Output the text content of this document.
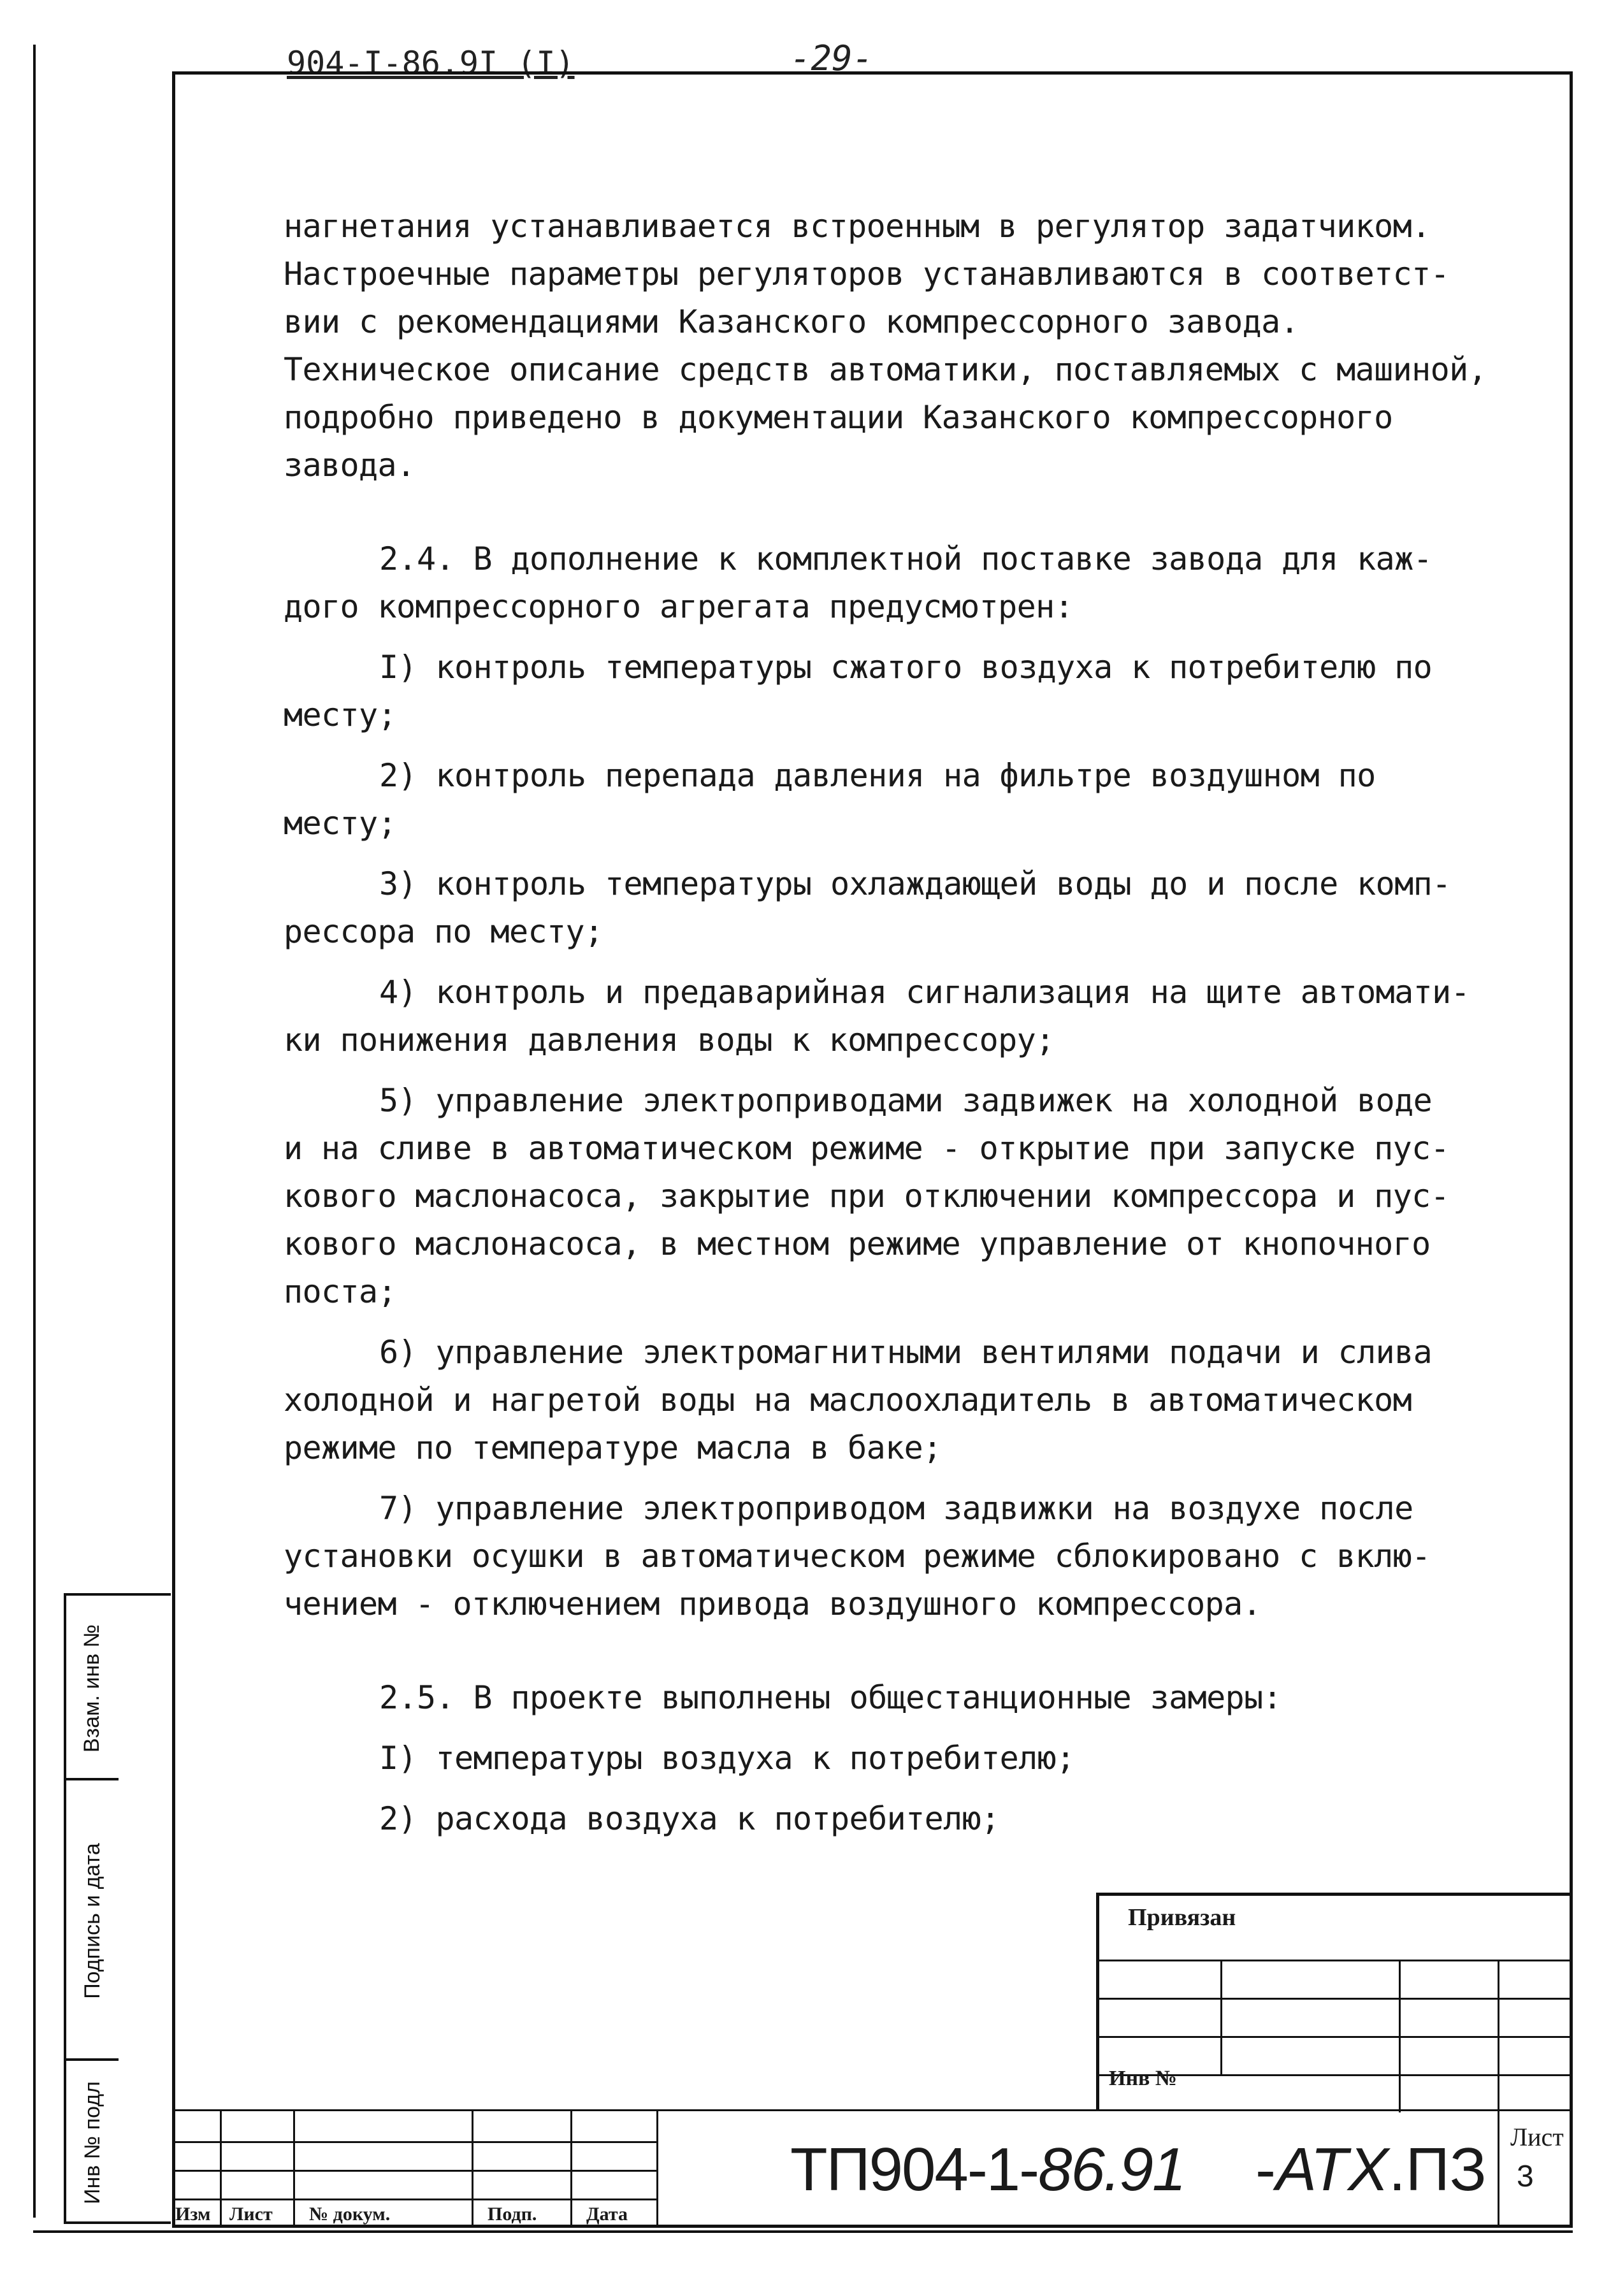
904-I-86.9I (I)	-29-
Взам. инв №
Подпись и дата
Инв № подл

нагнетания устанавливается встроенным в регулятор задатчиком.

Настроечные параметры регуляторов устанавливаются в соответст-

вии с рекомендациями Казанского компрессорного завода.

Техническое описание средств автоматики, поставляемых с машиной,

подробно приведено в документации Казанского компрессорного

завода.

2.4. В дополнение к комплектной поставке завода для каж-

дого компрессорного агрегата предусмотрен:

I) контроль температуры сжатого воздуха к потребителю по

месту;

2) контроль перепада давления на фильтре воздушном по

месту;

3) контроль температуры охлаждающей воды до и после комп-

рессора по месту;

4) контроль и предаварийная сигнализация на щите автомати-

ки понижения давления воды к компрессору;

5) управление электроприводами задвижек на холодной воде

и на сливе в автоматическом режиме - открытие при запуске пус-

кового маслонасоса, закрытие при отключении компрессора и пус-

кового маслонасоса, в местном режиме управление от кнопочного

поста;

6) управление электромагнитными вентилями подачи и слива

холодной и нагретой воды на маслоохладитель в автоматическом

режиме по температуре масла в баке;

7) управление электроприводом задвижки на воздухе после

установки осушки в автоматическом режиме сблокировано с вклю-

чением - отключением привода воздушного компрессора.

2.5. В проекте выполнены общестанционные замеры:

I) температуры воздуха к потребителю;

2) расхода воздуха к потребителю;

Привязан
Инв №
Изм Лист № докум.	Подп.	Дата
ТП904-1-86.91 -АТХ.ПЗ Лист
3
